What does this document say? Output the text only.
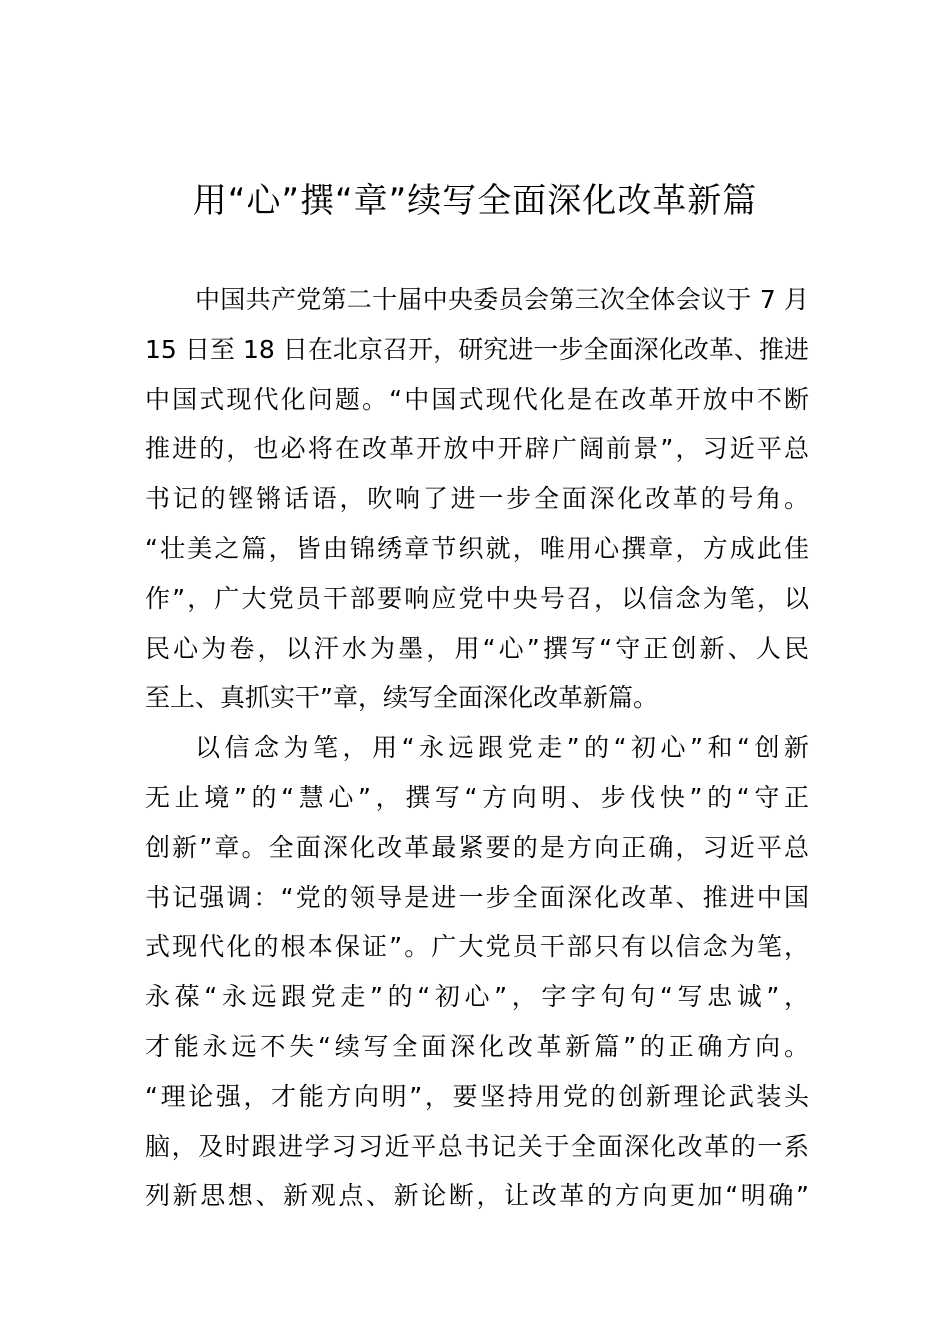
用“心”撰“章”续写全面深化改革新篇
中国共产党第二十届中央委员会第三次全体会议于 7 月
15 日至 18 日在北京召开，研究进一步全面深化改革、推进
中国式现代化问题。“中国式现代化是在改革开放中不断
推进的，也必将在改革开放中开辟广阔前景”，习近平总
书记的铿锵话语，吹响了进一步全面深化改革的号角。
“壮美之篇，皆由锦绣章节织就，唯用心撰章，方成此佳
作”，广大党员干部要响应党中央号召，以信念为笔，以
民心为卷，以汗水为墨，用“心”撰写“守正创新、人民
至上、真抓实干”章，续写全面深化改革新篇。
以信念为笔，用“永远跟党走”的“初心”和“创新
无止境”的“慧心”，撰写“方向明、步伐快”的“守正
创新”章。全面深化改革最紧要的是方向正确，习近平总
书记强调：“党的领导是进一步全面深化改革、推进中国
式现代化的根本保证”。广大党员干部只有以信念为笔，
永葆“永远跟党走”的“初心”，字字句句“写忠诚”，
才能永远不失“续写全面深化改革新篇”的正确方向。
“理论强，才能方向明”，要坚持用党的创新理论武装头
脑，及时跟进学习习近平总书记关于全面深化改革的一系
列新思想、新观点、新论断，让改革的方向更加“明确”
